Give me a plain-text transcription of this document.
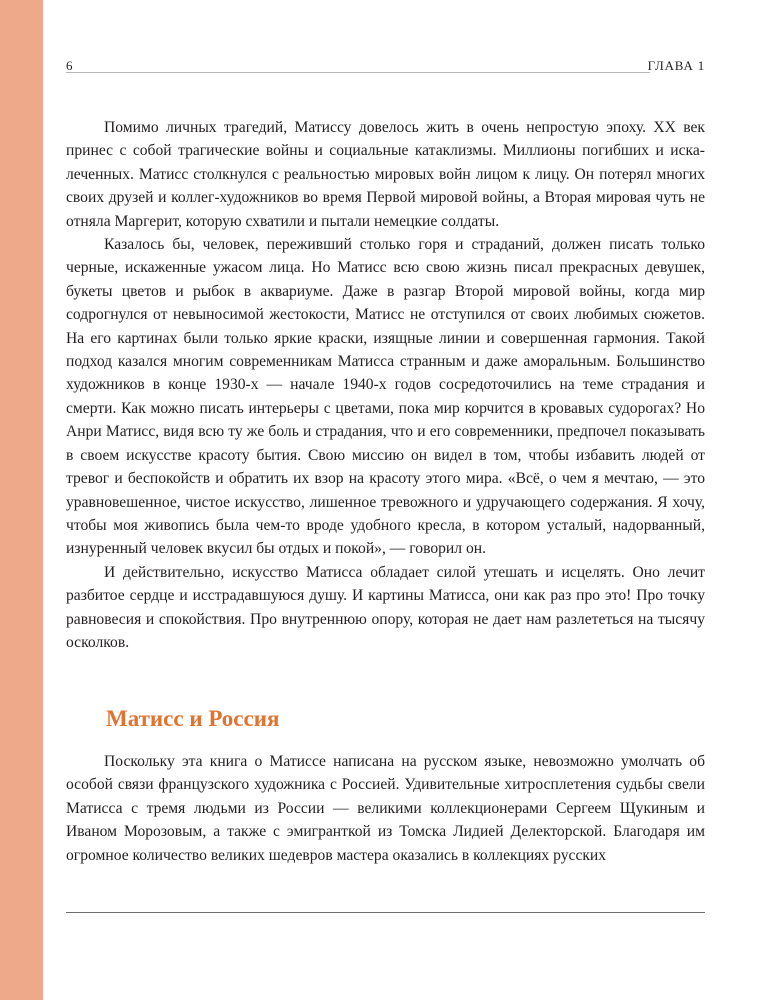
6	ГЛАВА 1

Помимо личных трагедий, Матиссу довелось жить в очень непростую эпоху. XX век принес с собой трагические войны и социальные катаклизмы. Миллионы погибших и искалеченных. Матисс столкнулся с реальностью мировых войн лицом к лицу. Он потерял многих своих друзей и коллег-художников во время Первой мировой войны, а Вторая мировая чуть не отняла Маргерит, которую схватили и пытали немецкие солдаты.

Казалось бы, человек, переживший столько горя и страданий, должен писать только черные, искаженные ужасом лица. Но Матисс всю свою жизнь писал прекрасных девушек, букеты цветов и рыбок в аквариуме. Даже в разгар Второй мировой войны, когда мир содрогнулся от невыносимой жестокости, Матисс не отступился от своих любимых сюжетов. На его картинах были только яркие краски, изящные линии и совершенная гармония. Такой подход казался многим современникам Матисса странным и даже аморальным. Большинство художников в конце 1930-х — начале 1940-х годов сосредоточились на теме страдания и смерти. Как можно писать интерьеры с цветами, пока мир корчится в кровавых судорогах? Но Анри Матисс, видя всю ту же боль и страдания, что и его современники, предпочел показывать в своем искусстве красоту бытия. Свою миссию он видел в том, чтобы избавить людей от тревог и беспокойств и обратить их взор на красоту этого мира. «Всё, о чем я мечтаю, — это уравновешенное, чистое искусство, лишенное тревожного и удручающего содержания. Я хочу, чтобы моя живопись была чем-то вроде удобного кресла, в котором усталый, надорванный, изнуренный человек вкусил бы отдых и покой», — говорил он.

И действительно, искусство Матисса обладает силой утешать и исцелять. Оно лечит разбитое сердце и исстрадавшуюся душу. И картины Матисса, они как раз про это! Про точку равновесия и спокойствия. Про внутреннюю опору, которая не дает нам разлететься на тысячу осколков.

Матисс и Россия

Поскольку эта книга о Матиссе написана на русском языке, невозможно умолчать об особой связи французского художника с Россией. Удивительные хитросплетения судьбы свели Матисса с тремя людьми из России — великими коллекционерами Сергеем Щукиным и Иваном Морозовым, а также с эмигранткой из Томска Лидией Делекторской. Благодаря им огромное количество великих шедевров мастера оказались в коллекциях русских
